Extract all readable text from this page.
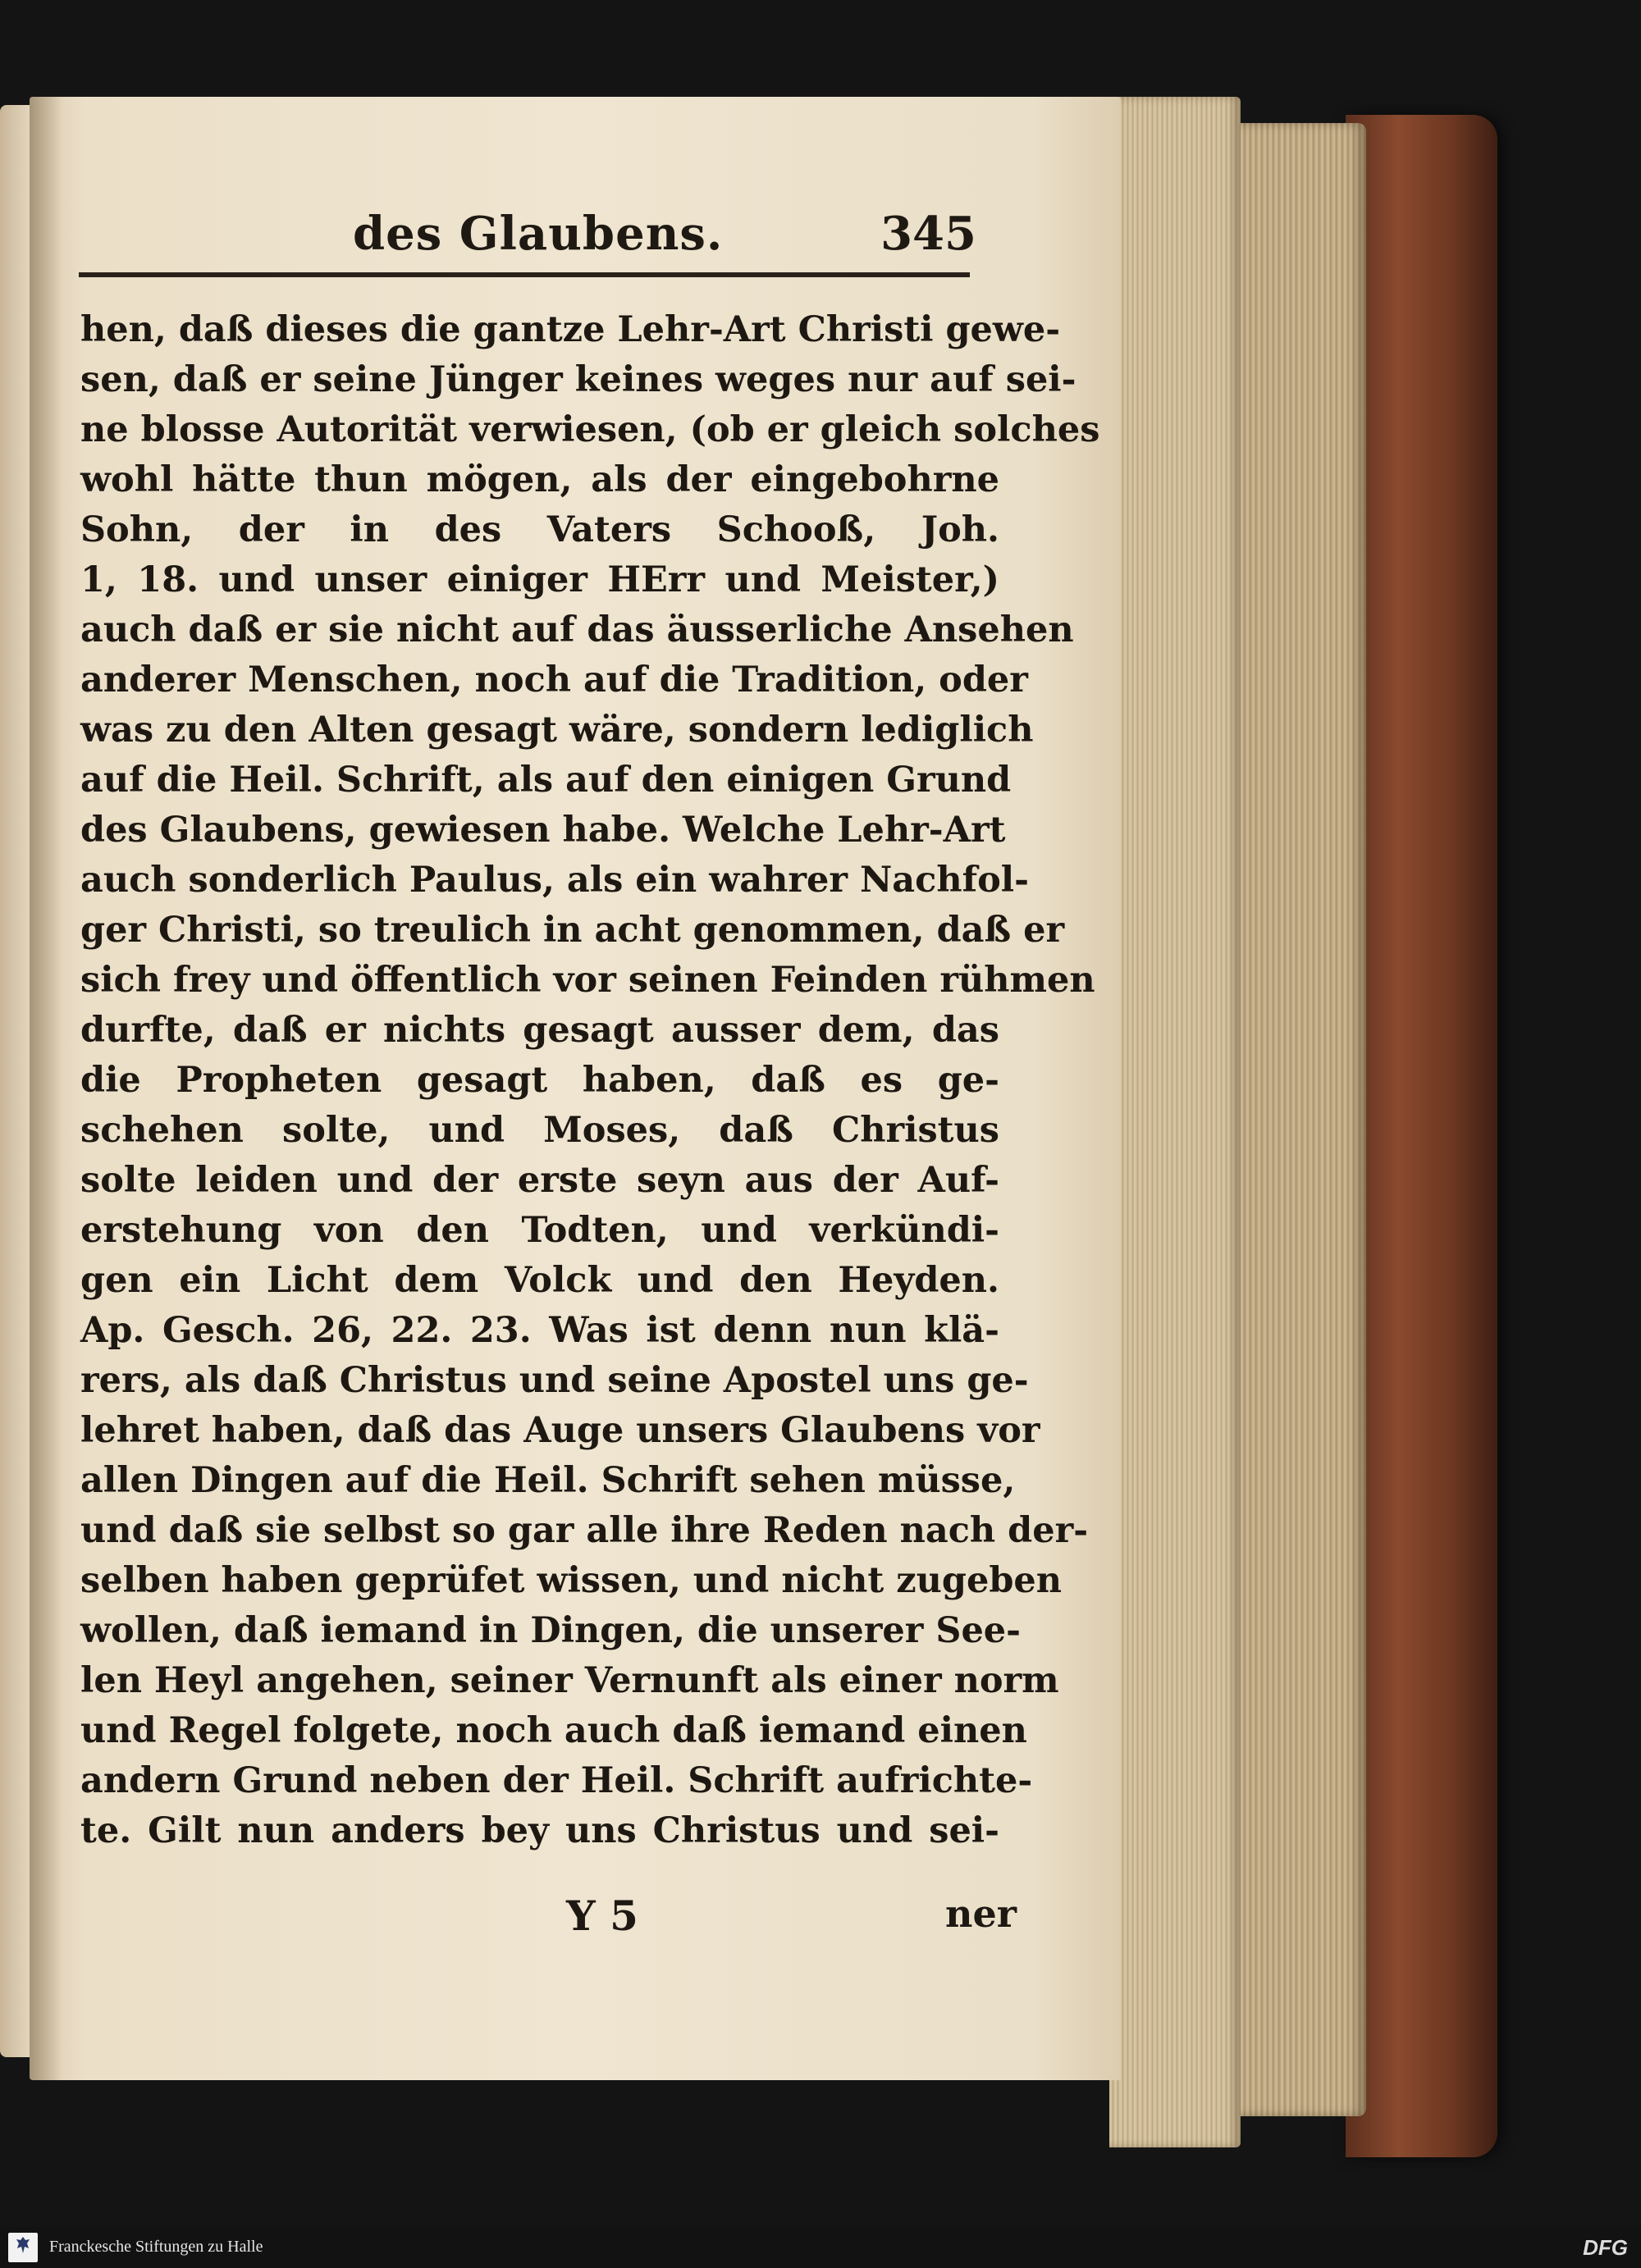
des Glaubens.	345
hen, daß dieses die gantze Lehr-Art Christi gewe-
sen, daß er seine Jünger keines weges nur auf sei-
ne blosse Autorität verwiesen, (ob er gleich solches
wohl hätte thun mögen, als der eingebohrne
Sohn, der in des Vaters Schooß, Joh.
1, 18. und unser einiger HErr und Meister,)
auch daß er sie nicht auf das äusserliche Ansehen
anderer Menschen, noch auf die Tradition, oder
was zu den Alten gesagt wäre, sondern lediglich
auf die Heil. Schrift, als auf den einigen Grund
des Glaubens, gewiesen habe. Welche Lehr-Art
auch sonderlich Paulus, als ein wahrer Nachfol-
ger Christi, so treulich in acht genommen, daß er
sich frey und öffentlich vor seinen Feinden rühmen
durfte, daß er nichts gesagt ausser dem, das
die Propheten gesagt haben, daß es ge-
schehen solte, und Moses, daß Christus
solte leiden und der erste seyn aus der Auf-
erstehung von den Todten, und verkündi-
gen ein Licht dem Volck und den Heyden.
Ap. Gesch. 26, 22. 23. Was ist denn nun klä-
rers, als daß Christus und seine Apostel uns ge-
lehret haben, daß das Auge unsers Glaubens vor
allen Dingen auf die Heil. Schrift sehen müsse,
und daß sie selbst so gar alle ihre Reden nach der-
selben haben geprüfet wissen, und nicht zugeben
wollen, daß iemand in Dingen, die unserer See-
len Heyl angehen, seiner Vernunft als einer norm
und Regel folgete, noch auch daß iemand einen
andern Grund neben der Heil. Schrift aufrichte-
te. Gilt nun anders bey uns Christus und sei-
Y 5	ner
Franckesche Stiftungen zu Halle	DFG
